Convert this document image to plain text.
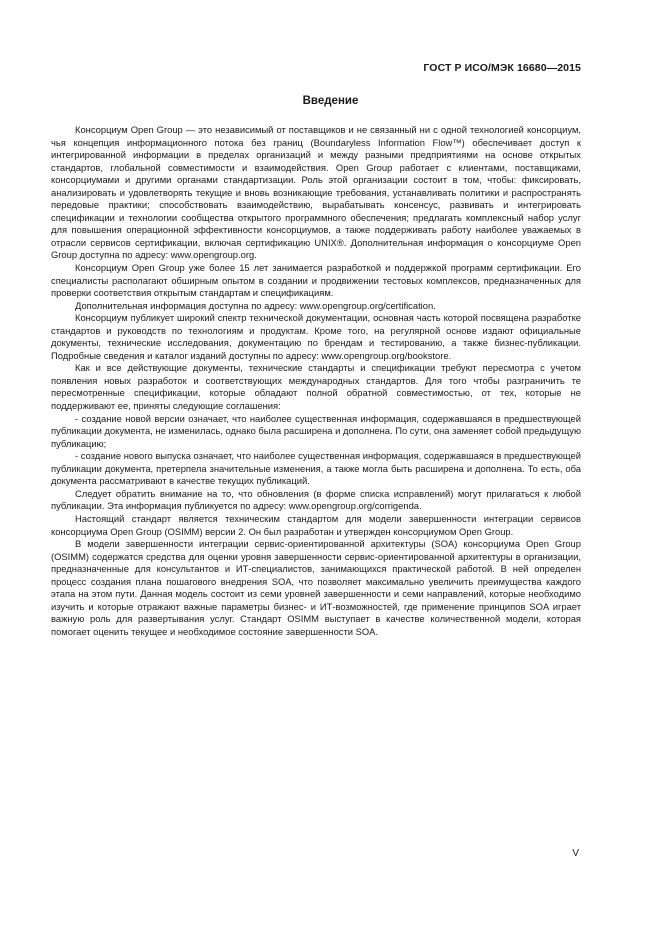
ГОСТ Р ИСО/МЭК 16680—2015
Введение

Консорциум Open Group — это независимый от поставщиков и не связанный ни с одной технологией консорциум, чья концепция информационного потока без границ (Boundaryless Information Flow™) обеспечивает доступ к интегрированной информации в пределах организаций и между разными предприятиями на основе открытых стандартов, глобальной совместимости и взаимодействия. Open Group работает с клиентами, поставщиками, консорциумами и другими органами стандартизации. Роль этой организации состоит в том, чтобы: фиксировать, анализировать и удовлетворять текущие и вновь возникающие требования, устанавливать политики и распространять передовые практики; способствовать взаимодействию, вырабатывать консенсус, развивать и интегрировать спецификации и технологии сообщества открытого программного обеспечения; предлагать комплексный набор услуг для повышения операционной эффективности консорциумов, а также поддерживать работу наиболее уважаемых в отрасли сервисов сертификации, включая сертификацию UNIX®. Дополнительная информация о консорциуме Open Group доступна по адресу: www.opengroup.org.

Консорциум Open Group уже более 15 лет занимается разработкой и поддержкой программ сертификации. Его специалисты располагают обширным опытом в создании и продвижении тестовых комплексов, предназначенных для проверки соответствия открытым стандартам и спецификациям.

Дополнительная информация доступна по адресу: www.opengroup.org/certification.

Консорциум публикует широкий спектр технической документации, основная часть которой посвящена разработке стандартов и руководств по технологиям и продуктам. Кроме того, на регулярной основе издают официальные документы, технические исследования, документацию по брендам и тестированию, а также бизнес-публикации. Подробные сведения и каталог изданий доступны по адресу: www.opengroup.org/bookstore.

Как и все действующие документы, технические стандарты и спецификации требуют пересмотра с учетом появления новых разработок и соответствующих международных стандартов. Для того чтобы разграничить те пересмотренные спецификации, которые обладают полной обратной совместимостью, от тех, которые не поддерживают ее, приняты следующие соглашения:

- создание новой версии означает, что наиболее существенная информация, содержавшаяся в предшествующей публикации документа, не изменилась, однако была расширена и дополнена. По сути, она заменяет собой предыдущую публикацию;

- создание нового выпуска означает, что наиболее существенная информация, содержавшаяся в предшествующей публикации документа, претерпела значительные изменения, а также могла быть расширена и дополнена. То есть, оба документа рассматривают в качестве текущих публикаций.

Следует обратить внимание на то, что обновления (в форме списка исправлений) могут прилагаться к любой публикации. Эта информация публикуется по адресу: www.opengroup.org/corrigenda.

Настоящий стандарт является техническим стандартом для модели завершенности интеграции сервисов консорциума Open Group (OSIMM) версии 2. Он был разработан и утвержден консорциумом Open Group.

В модели завершенности интеграции сервис-ориентированной архитектуры (SOA) консорциума Open Group (OSIMM) содержатся средства для оценки уровня завершенности сервис-ориентированной архитектуры в организации, предназначенные для консультантов и ИТ-специалистов, занимающихся практической работой. В ней определен процесс создания плана пошагового внедрения SOA, что позволяет максимально увеличить преимущества каждого этапа на этом пути. Данная модель состоит из семи уровней завершенности и семи направлений, которые необходимо изучить и которые отражают важные параметры бизнес- и ИТ-возможностей, где применение принципов SOA играет важную роль для развертывания услуг. Стандарт OSIMM выступает в качестве количественной модели, которая помогает оценить текущее и необходимое состояние завершенности SOA.

V
